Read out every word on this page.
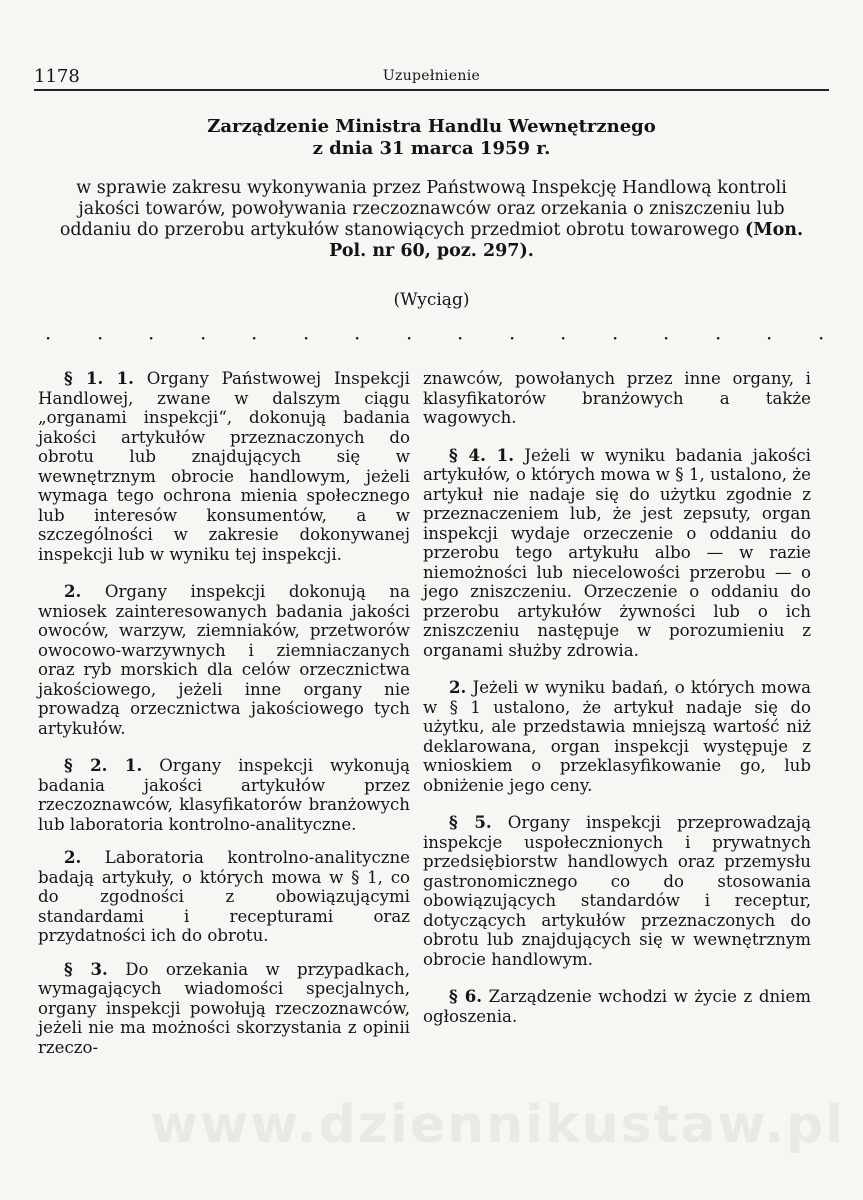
1178	Uzupełnienie
Zarządzenie Ministra Handlu Wewnętrznego
z dnia 31 marca 1959 r.
w sprawie zakresu wykonywania przez Państwową Inspekcję Handlową kontroli jakości towarów, powoływania rzeczoznawców oraz orzekania o zniszczeniu lub oddaniu do przerobu artykułów stanowiących przedmiot obrotu towarowego (Mon. Pol. nr 60, poz. 297).
(Wyciąg)
· · · · · · · · · · · · · · · ·

§ 1. 1. Organy Państwowej Inspekcji Handlowej, zwane w dalszym ciągu „organami inspekcji“, dokonują badania jakości artykułów przeznaczonych do obrotu lub znajdujących się w wewnętrznym obrocie handlowym, jeżeli wymaga tego ochrona mienia społecznego lub interesów konsumentów, a w szczególności w zakresie dokonywanej inspekcji lub w wyniku tej inspekcji.

2. Organy inspekcji dokonują na wniosek zainteresowanych badania jakości owoców, warzyw, ziemniaków, przetworów owocowo-warzywnych i ziemniaczanych oraz ryb morskich dla celów orzecznictwa jakościowego, jeżeli inne organy nie prowadzą orzecznictwa jakościowego tych artykułów.

§ 2. 1. Organy inspekcji wykonują badania jakości artykułów przez rzeczoznawców, klasyfikatorów branżowych lub laboratoria kontrolno-analityczne.

2. Laboratoria kontrolno-analityczne badają artykuły, o których mowa w § 1, co do zgodności z obowiązującymi standardami i recepturami oraz przydatności ich do obrotu.

§ 3. Do orzekania w przypadkach, wymagających wiadomości specjalnych, organy inspekcji powołują rzeczoznawców, jeżeli nie ma możności skorzystania z opinii rzeczo-

znawców, powołanych przez inne organy, i klasyfikatorów branżowych a także wagowych.

§ 4. 1. Jeżeli w wyniku badania jakości artykułów, o których mowa w § 1, ustalono, że artykuł nie nadaje się do użytku zgodnie z przeznaczeniem lub, że jest zepsuty, organ inspekcji wydaje orzeczenie o oddaniu do przerobu tego artykułu albo — w razie niemożności lub niecelowości przerobu — o jego zniszczeniu. Orzeczenie o oddaniu do przerobu artykułów żywności lub o ich zniszczeniu następuje w porozumieniu z organami służby zdrowia.

2. Jeżeli w wyniku badań, o których mowa w § 1 ustalono, że artykuł nadaje się do użytku, ale przedstawia mniejszą wartość niż deklarowana, organ inspekcji występuje z wnioskiem o przeklasyfikowanie go, lub obniżenie jego ceny.

§ 5. Organy inspekcji przeprowadzają inspekcje uspołecznionych i prywatnych przedsiębiorstw handlowych oraz przemysłu gastronomicznego co do stosowania obowiązujących standardów i receptur, dotyczących artykułów przeznaczonych do obrotu lub znajdujących się w wewnętrznym obrocie handlowym.

§ 6. Zarządzenie wchodzi w życie z dniem ogłoszenia.

www.dziennikustaw.pl
